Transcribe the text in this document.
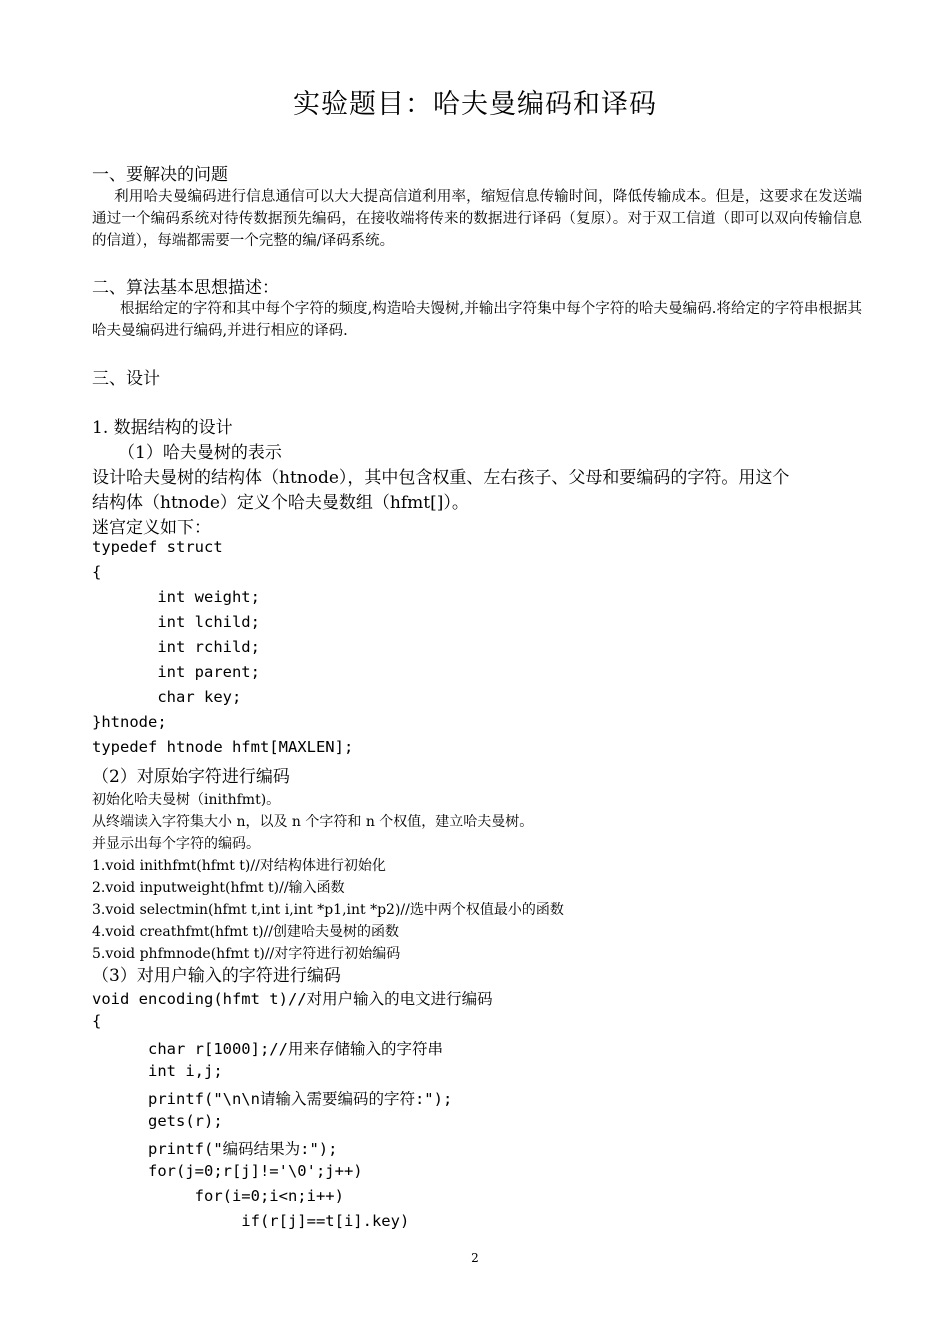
实验题目：哈夫曼编码和译码
一、要解决的问题
利用哈夫曼编码进行信息通信可以大大提高信道利用率，缩短信息传输时间，降低传输成本。但是，这要求在发送端通过一个编码系统对待传数据预先编码，在接收端将传来的数据进行译码（复原）。对于双工信道（即可以双向传输信息的信道），每端都需要一个完整的编/译码系统。
二、算法基本思想描述：
根据给定的字符和其中每个字符的频度,构造哈夫馒树,并输出字符集中每个字符的哈夫曼编码.将给定的字符串根据其哈夫曼编码进行编码,并进行相应的译码.
三、设计
1. 数据结构的设计
（1）哈夫曼树的表示
设计哈夫曼树的结构体（htnode），其中包含权重、左右孩子、父母和要编码的字符。用这个
结构体（htnode）定义个哈夫曼数组（hfmt[]）。
迷宫定义如下：
typedef struct
{
int weight;
int lchild;
int rchild;
int parent;
char key;
}htnode;
typedef htnode hfmt[MAXLEN];
（2）对原始字符进行编码
初始化哈夫曼树（inithfmt)。
从终端读入字符集大小 n，以及 n 个字符和 n 个权值，建立哈夫曼树。
并显示出每个字符的编码。
1.void inithfmt(hfmt t)//对结构体进行初始化
2.void inputweight(hfmt t)//输入函数
3.void selectmin(hfmt t,int i,int *p1,int *p2)//选中两个权值最小的函数
4.void creathfmt(hfmt t)//创建哈夫曼树的函数
5.void phfmnode(hfmt t)//对字符进行初始编码
（3）对用户输入的字符进行编码
void encoding(hfmt t)//对用户输入的电文进行编码
{
char r[1000];//用来存储输入的字符串
int i,j;
printf("\n\n请输入需要编码的字符:");
gets(r);
printf("编码结果为:");
for(j=0;r[j]!='\0';j++)
for(i=0;i<n;i++)
if(r[j]==t[i].key)
2
